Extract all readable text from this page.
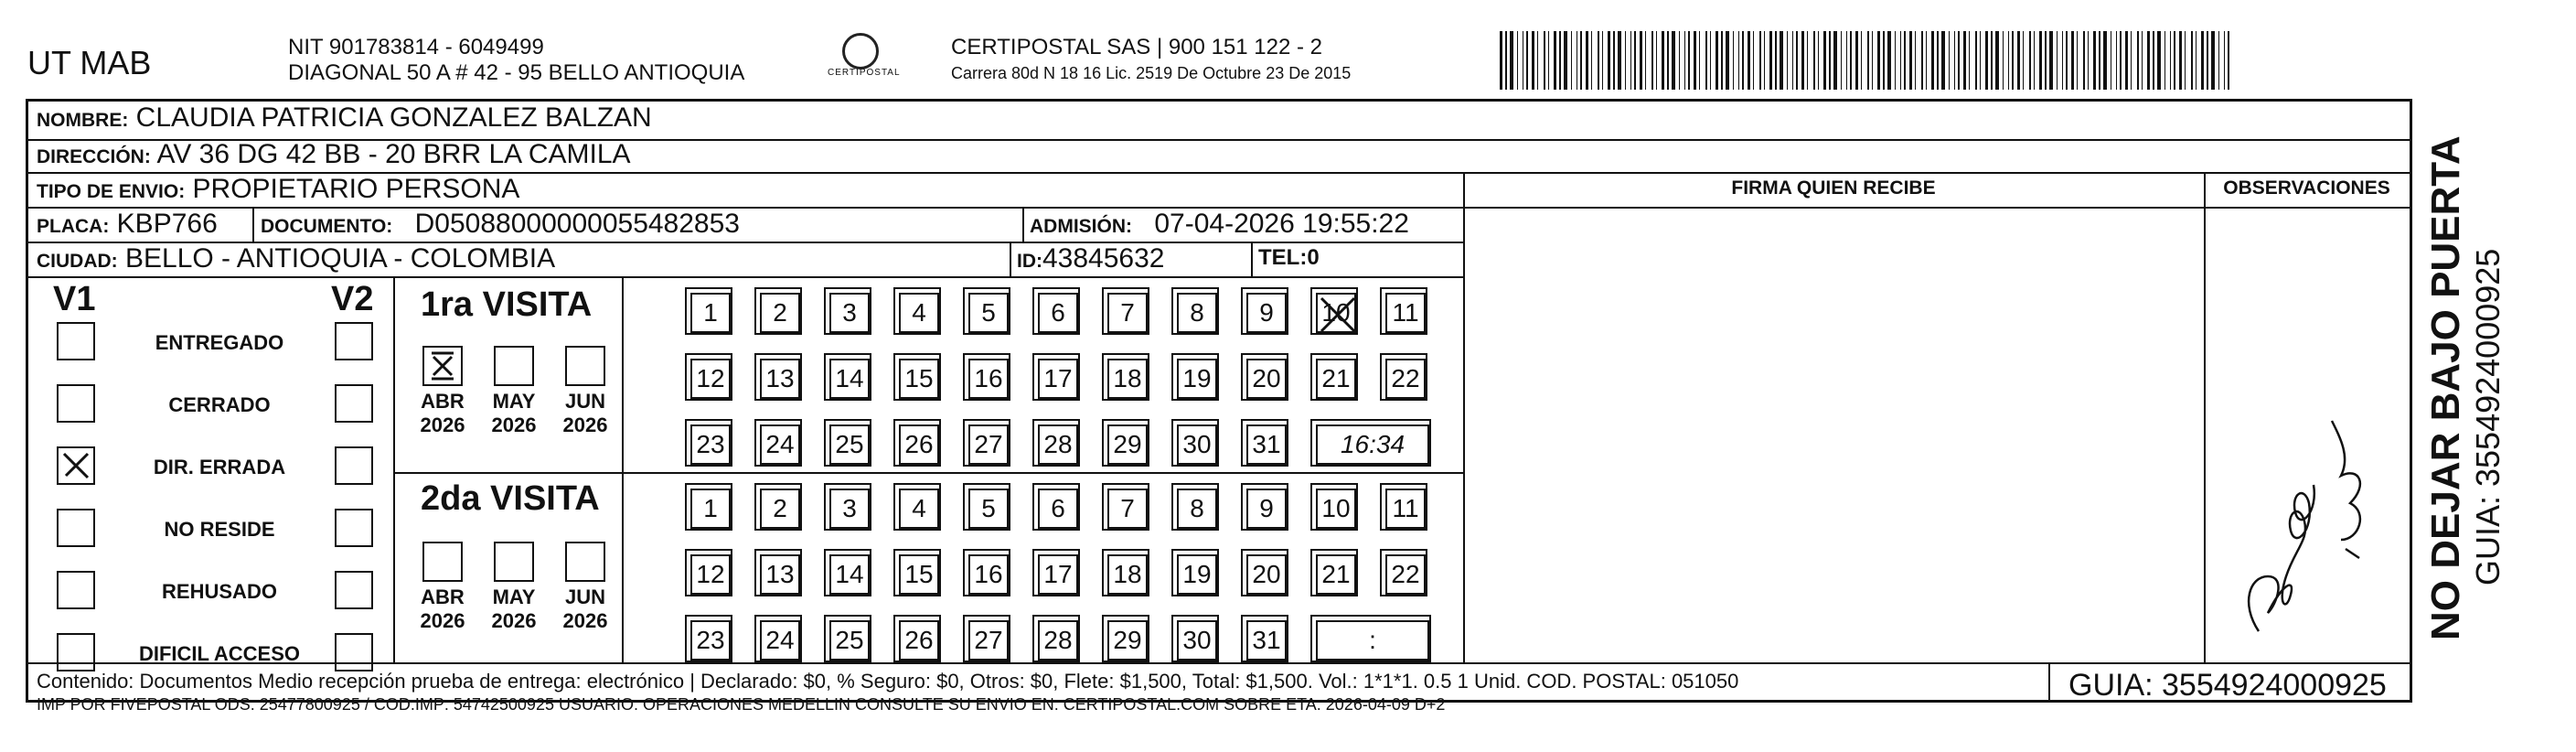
UT MAB	NIT 901783814 - 6049499
DIAGONAL 50 A # 42 - 95 BELLO ANTIOQUIA	CERTIPOSTAL
CERTIPOSTAL SAS | 900 151 122 - 2
Carrera 80d N 18 16 Lic. 2519 De Octubre 23 De 2015
NOMBRE: CLAUDIA PATRICIA GONZALEZ BALZAN
DIRECCIÓN: AV 36 DG 42 BB - 20 BRR LA CAMILA
TIPO DE ENVIO: PROPIETARIO PERSONA	FIRMA QUIEN RECIBE	OBSERVACIONES
PLACA: KBP766 DOCUMENTO: D05088000000055482853	ADMISIÓN: 07-04-2026 19:55:22
CIUDAD: BELLO - ANTIOQUIA - COLOMBIA	ID:43845632	TEL:0
V1	V2
ENTREGADO
CERRADO
DIR. ERRADA
NO RESIDE
REHUSADO
DIFICIL ACCESO
1ra VISITA
ABR
2026
MAY
2026
JUN
2026
1	2	3	4	5	6	7	8	9	10 11
12 13 14 15 16 17 18 19 20 21 22
23 24 25 26 27 28 29 30 31	16:34
2da VISITA
ABR
2026
MAY
2026
JUN
2026
1	2	3	4	5	6	7	8	9	10 11
12 13 14 15 16 17 18 19 20 21 22
23 24 25 26 27 28 29 30 31	:	NO DEJAR BAJO PUERTA GUIA: 3554924000925
Contenido: Documentos Medio recepción prueba de entrega: electrónico | Declarado: $0, % Seguro: $0, Otros: $0, Flete: $1,500, Total: $1,500. Vol.: 1*1*1. 0.5 1 Unid. COD. POSTAL: 051050
IMP POR FIVEPOSTAL ODS: 25477800925 / COD.IMP: 54742500925 USUARIO: OPERACIONES MEDELLIN CONSULTE SU ENVIO EN: CERTIPOSTAL.COM SOBRE ETA: 2026-04-09 D+2
GUIA: 3554924000925
